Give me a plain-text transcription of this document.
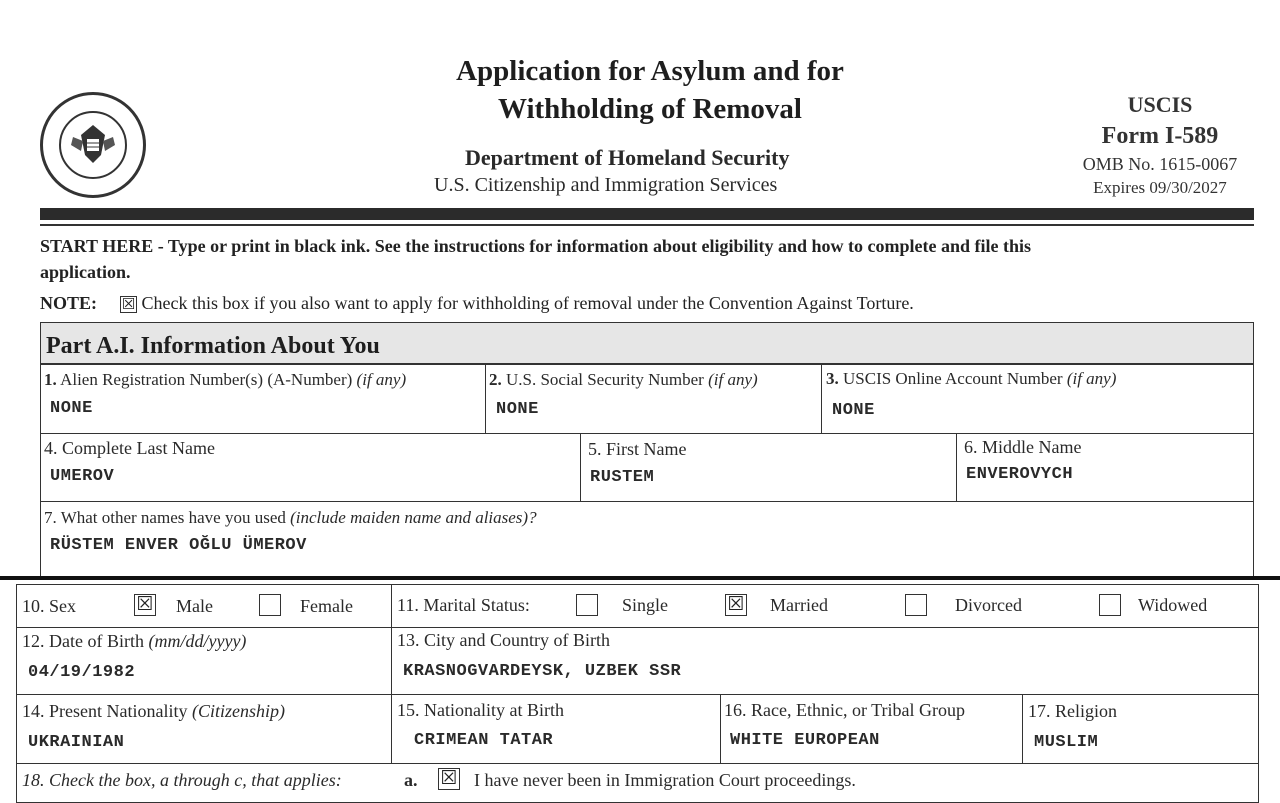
Application for Asylum and for
Withholding of Removal
Department of Homeland Security
U.S. Citizenship and Immigration Services
USCIS
Form I-589
OMB No. 1615-0067
Expires 09/30/2027
START HERE - Type or print in black ink. See the instructions for information about eligibility and how to complete and file this
application.
NOTE: ☒ Check this box if you also want to apply for withholding of removal under the Convention Against Torture.
Part A.I. Information About You
1. Alien Registration Number(s) (A-Number) (if any)
NONE
2. U.S. Social Security Number (if any)
NONE
3. USCIS Online Account Number (if any)
NONE
4. Complete Last Name
UMEROV
5. First Name
RUSTEM
6. Middle Name
ENVEROVYCH
7. What other names have you used (include maiden name and aliases)?
RÜSTEM ENVER OĞLU ÜMEROV
10. Sex	☒ Male	Female 11. Marital Status:	Single	☒ Married	Divorced	Widowed
12. Date of Birth (mm/dd/yyyy)
04/19/1982
13. City and Country of Birth
KRASNOGVARDEYSK, UZBEK SSR
14. Present Nationality (Citizenship)
UKRAINIAN
15. Nationality at Birth
CRIMEAN TATAR
16. Race, Ethnic, or Tribal Group
WHITE EUROPEAN
17. Religion
MUSLIM
18. Check the box, a through c, that applies:	a. ☒ I have never been in Immigration Court proceedings.
